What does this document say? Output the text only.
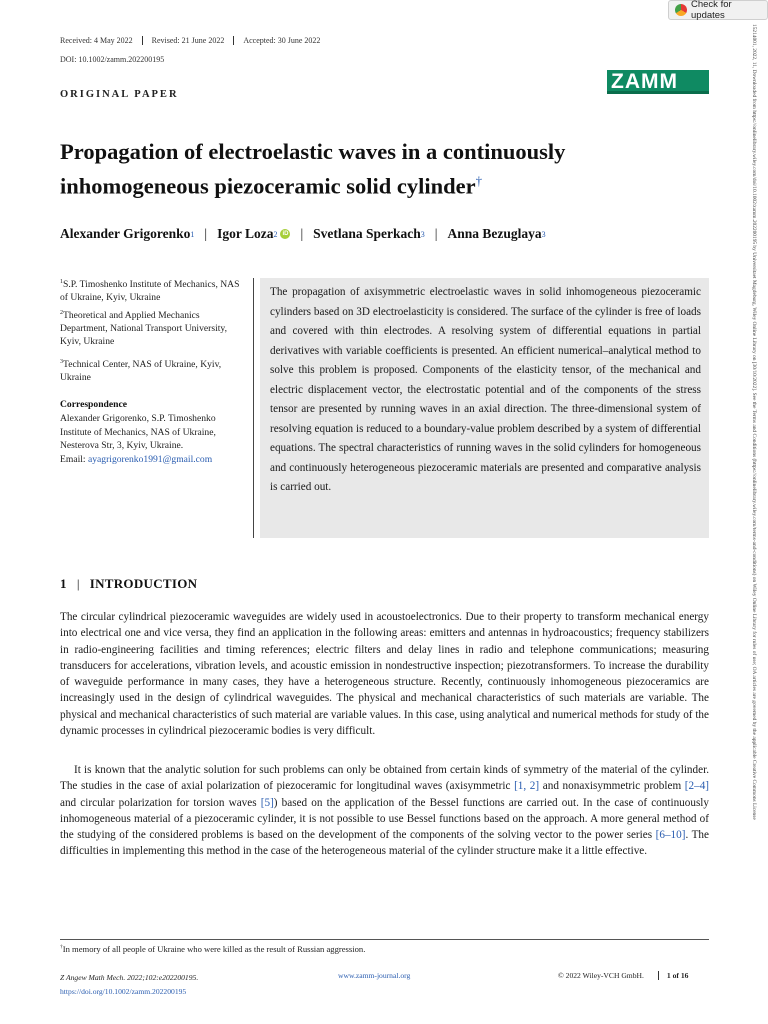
Check for updates
Received: 4 May 2022	Revised: 21 June 2022	Accepted: 30 June 2022
DOI: 10.1002/zamm.202200195
ZAMM
ORIGINAL PAPER
Propagation of electroelastic waves in a continuously
inhomogeneous piezoceramic solid cylinder†
Alexander Grigorenko 1 | Igor Loza 2 iD | Svetlana Sperkach 3 | Anna Bezuglaya 3
$^1$S.P. Timoshenko Institute of Mechanics, NAS of Ukraine, Kyiv, Ukraine
$^2$Theoretical and Applied Mechanics Department, National Transport University, Kyiv, Ukraine
$^3$Technical Center, NAS of Ukraine, Kyiv, Ukraine
Correspondence
Alexander Grigorenko, S.P. Timoshenko Institute of Mechanics, NAS of Ukraine, Nesterova Str, 3, Kyiv, Ukraine.
Email: ayagrigorenko1991@gmail.com
The propagation of axisymmetric electroelastic waves in solid inhomogeneous piezoceramic cylinders based on 3D electroelasticity is considered. The surface of the cylinder is free of loads and covered with thin electrodes. A resolving system of differential equations in partial derivatives with variable coefficients is presented. An efficient numerical–analytical method to solve this problem is proposed. Components of the elasticity tensor, of the mechanical and electric displacement vector, the electrostatic potential and of the components of the stress tensor are presented by running waves in an axial direction. The three-dimensional system of resolving equation is reduced to a boundary-value problem described by a system of differential equations. The spectral characteristics of running waves in the solid cylinders for homogeneous and continuously heterogeneous piezoceramic materials are presented and comparative analysis is carried out.
1 | INTRODUCTION

The circular cylindrical piezoceramic waveguides are widely used in acoustoelectronics. Due to their property to transform mechanical energy into electrical one and vice versa, they find an application in the following areas: emitters and antennas in hydroacoustics; frequency stabilizers in radio-engineering facilities and timing references; electric filters and delay lines in radio and telephone communications; measuring transducers for accelerations, vibration levels, and acoustic emission in nondestructive inspection; piezotransformers. To increase the durability of waveguide performance in many cases, they have a heterogeneous structure. Recently, continuously inhomogeneous piezoceramics are increasingly used in the design of cylindrical waveguides. The physical and mechanical characteristics of such materials are variable. The physical and mechanical characteristics of such material are variable values. In this case, using analytical and numerical methods for study of the dynamic processes in cylindrical piezoceramic bodies is very difficult.

It is known that the analytic solution for such problems can only be obtained from certain kinds of symmetry of the material of the cylinder. The studies in the case of axial polarization of piezoceramic for longitudinal waves (axisymmetric [1, 2] and nonaxisymmetric problem [2–4] and circular polarization for torsion waves [5]) based on the application of the Bessel functions are carried out. In the case of continuously inhomogeneous material of a piezoceramic cylinder, it is not possible to use Bessel functions based on the approach. A more general method of the studying of the considered problems is based on the development of the components of the solving vector to the power series [6–10]. The difficulties in implementing this method in the case of the heterogeneous material of the cylinder structure make it a little effective.

†In memory of all people of Ukraine who were killed as the result of Russian aggression.
Z Angew Math Mech. 2022;102:e202200195.
https://doi.org/10.1002/zamm.202200195
www.zamm-journal.org	© 2022 Wiley-VCH GmbH.	1 of 16
15214001, 2022, 11, Downloaded from https://onlinelibrary.wiley.com/doi/10.1002/zamm.202200195 by Universitaet Magdeburg, Wiley Online Library on [30/10/2022]. See the Terms and Conditions (https://onlinelibrary.wiley.com/terms-and-conditions) on Wiley Online Library for rules of use; OA articles are governed by the applicable Creative Commons License
